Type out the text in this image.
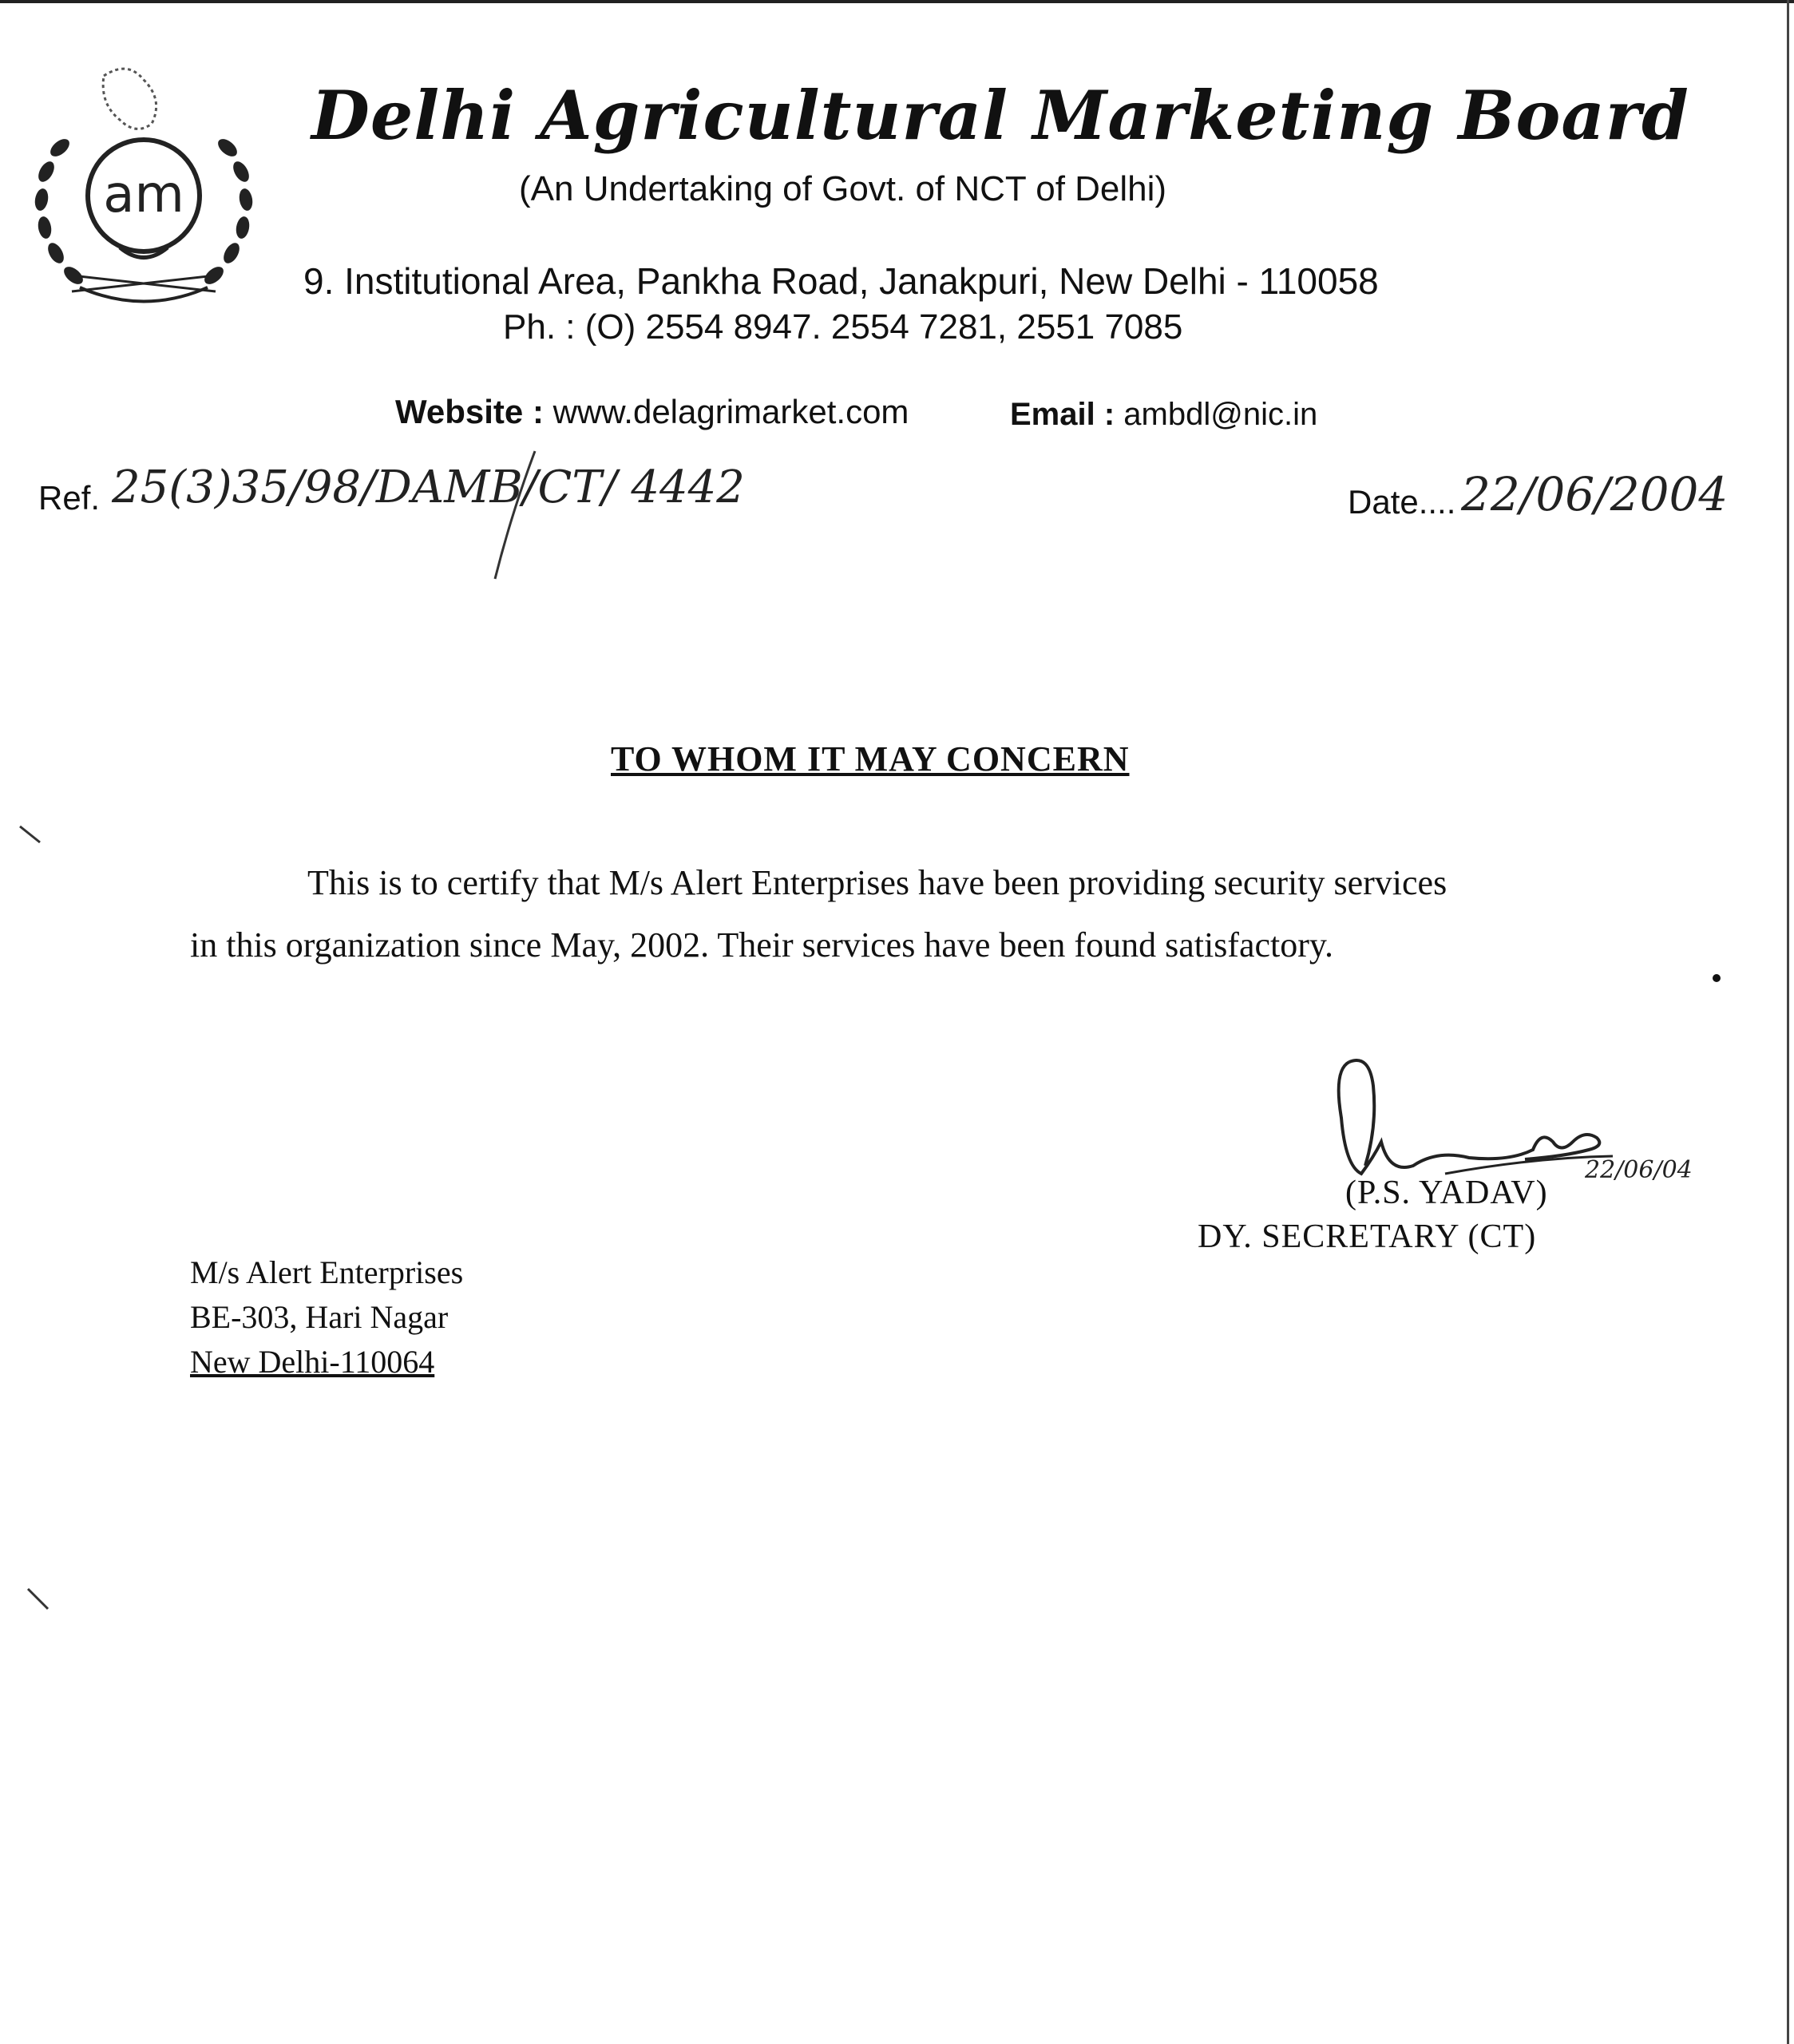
am
Delhi Agricultural Marketing Board
(An Undertaking of Govt. of NCT of Delhi)
9. Institutional Area, Pankha Road, Janakpuri, New Delhi - 110058
Ph. : (O) 2554 8947. 2554 7281, 2551 7085
Website : www.delagrimarket.com	Email : ambdl@nic.in
Ref. 25(3)35/98/DAMB/CT/ 4442	Date.... 22/06/2004
TO WHOM IT MAY CONCERN
This is to certify that M/s Alert Enterprises have been providing security services
in this organization since May, 2002. Their services have been found satisfactory.
22/06/04
(P.S. YADAV)
DY. SECRETARY (CT)
M/s Alert Enterprises
BE-303, Hari Nagar
New Delhi-110064
